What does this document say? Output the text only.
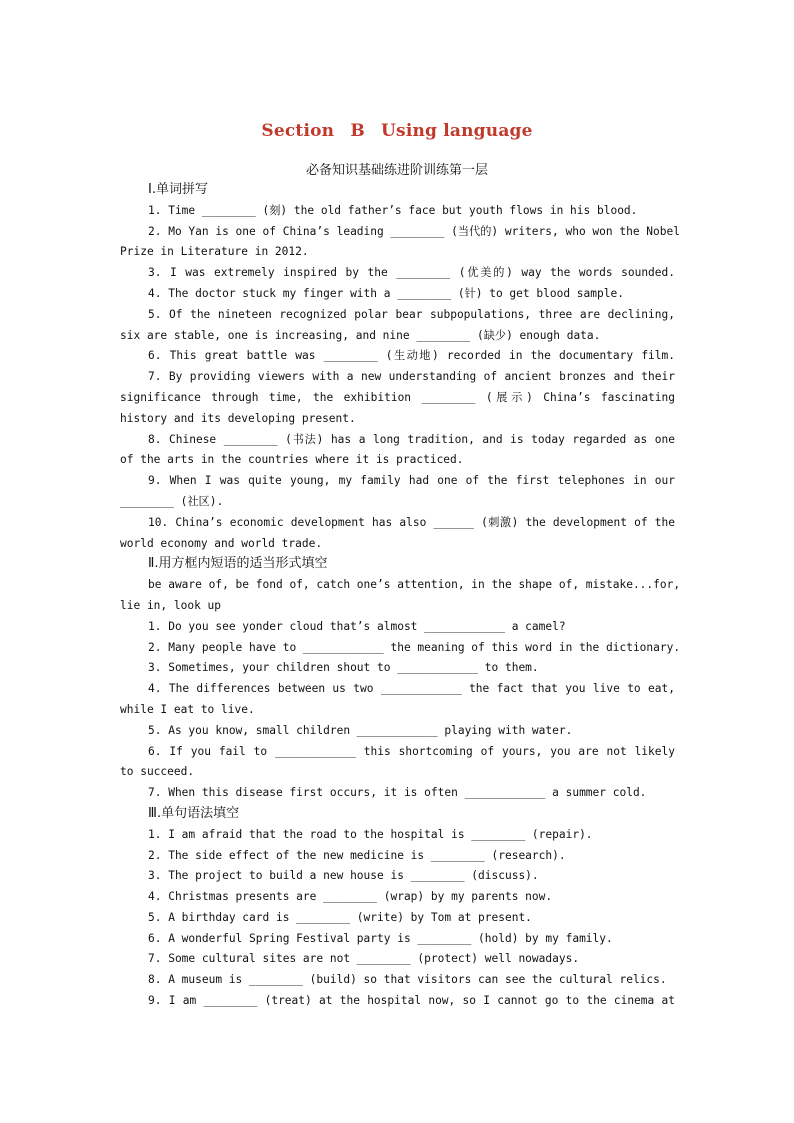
Section B Using language
必备知识基础练进阶训练第一层
Ⅰ.单词拼写
1. Time ________ (刻) the old father’s face but youth flows in his blood.
2. Mo Yan is one of China’s leading ________ (当代的) writers, who won the Nobel
Prize in Literature in 2012.
3. I was extremely inspired by the ________ (优美的) way the words sounded.
4. The doctor stuck my finger with a ________ (针) to get blood sample.
5. Of the nineteen recognized polar bear subpopulations, three are declining,
six are stable, one is increasing, and nine ________ (缺少) enough data.
6. This great battle was ________ (生动地) recorded in the documentary film.
7. By providing viewers with a new understanding of ancient bronzes and their
significance through time, the exhibition ________ (展示) China’s fascinating
history and its developing present.
8. Chinese ________ (书法) has a long tradition, and is today regarded as one
of the arts in the countries where it is practiced.
9. When I was quite young, my family had one of the first telephones in our
________ (社区).
10. China’s economic development has also ______ (刺激) the development of the
world economy and world trade.
Ⅱ.用方框内短语的适当形式填空
be aware of, be fond of, catch one’s attention, in the shape of, mistake...for,
lie in, look up
1. Do you see yonder cloud that’s almost ____________ a camel?
2. Many people have to ____________ the meaning of this word in the dictionary.
3. Sometimes, your children shout to ____________ to them.
4. The differences between us two ____________ the fact that you live to eat,
while I eat to live.
5. As you know, small children ____________ playing with water.
6. If you fail to ____________ this shortcoming of yours, you are not likely
to succeed.
7. When this disease first occurs, it is often ____________ a summer cold.
Ⅲ.单句语法填空
1. I am afraid that the road to the hospital is ________ (repair).
2. The side effect of the new medicine is ________ (research).
3. The project to build a new house is ________ (discuss).
4. Christmas presents are ________ (wrap) by my parents now.
5. A birthday card is ________ (write) by Tom at present.
6. A wonderful Spring Festival party is ________ (hold) by my family.
7. Some cultural sites are not ________ (protect) well nowadays.
8. A museum is ________ (build) so that visitors can see the cultural relics.
9. I am ________ (treat) at the hospital now, so I cannot go to the cinema at
